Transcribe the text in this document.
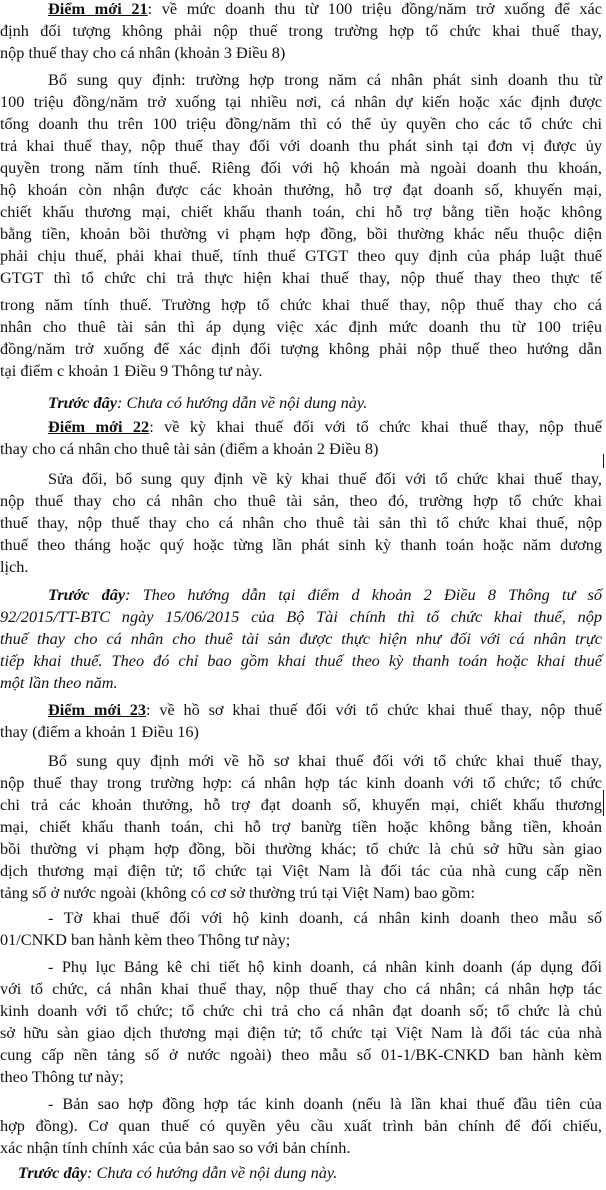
Điểm mới 21: về mức doanh thu từ 100 triệu đồng/năm trở xuống để xác
định đối tượng không phải nộp thuế trong trường hợp tổ chức khai thuế thay,
nộp thuế thay cho cá nhân (khoản 3 Điều 8)
Bổ sung quy định: trường hợp trong năm cá nhân phát sinh doanh thu từ
100 triệu đồng/năm trở xuống tại nhiều nơi, cá nhân dự kiến hoặc xác định được
tổng doanh thu trên 100 triệu đồng/năm thì có thể ủy quyền cho các tổ chức chi
trả khai thuế thay, nộp thuế thay đối với doanh thu phát sinh tại đơn vị được ủy
quyền trong năm tính thuế. Riêng đối với hộ khoán mà ngoài doanh thu khoán,
hộ khoán còn nhận được các khoản thưởng, hỗ trợ đạt doanh số, khuyến mại,
chiết khấu thương mại, chiết khấu thanh toán, chi hỗ trợ bằng tiền hoặc không
bằng tiền, khoản bồi thường vi phạm hợp đồng, bồi thường khác nếu thuộc diện
phải chịu thuế, phải khai thuế, tính thuế GTGT theo quy định của pháp luật thuế
GTGT thì tổ chức chi trả thực hiện khai thuế thay, nộp thuế thay theo thực tế
trong năm tính thuế. Trường hợp tổ chức khai thuế thay, nộp thuế thay cho cá
nhân cho thuê tài sản thì áp dụng việc xác định mức doanh thu từ 100 triệu
đồng/năm trở xuống để xác định đối tượng không phải nộp thuế theo hướng dẫn
tại điểm c khoản 1 Điều 9 Thông tư này.
Trước đây: Chưa có hướng dẫn về nội dung này.
Điểm mới 22: về kỳ khai thuế đối với tổ chức khai thuế thay, nộp thuế
thay cho cá nhân cho thuê tài sản (điểm a khoản 2 Điều 8)
Sửa đổi, bổ sung quy định về kỳ khai thuế đối với tổ chức khai thuế thay,
nộp thuế thay cho cá nhân cho thuê tài sản, theo đó, trường hợp tổ chức khai
thuế thay, nộp thuế thay cho cá nhân cho thuê tài sản thì tổ chức khai thuế, nộp
thuế theo tháng hoặc quý hoặc từng lần phát sinh kỳ thanh toán hoặc năm dương
lịch.
Trước đây: Theo hướng dẫn tại điểm d khoản 2 Điều 8 Thông tư số
92/2015/TT-BTC ngày 15/06/2015 của Bộ Tài chính thì tổ chức khai thuế, nộp
thuế thay cho cá nhân cho thuê tài sản được thực hiện như đối với cá nhân trực
tiếp khai thuế. Theo đó chỉ bao gồm khai thuế theo kỳ thanh toán hoặc khai thuế
một lần theo năm.
Điểm mới 23: về hồ sơ khai thuế đối với tổ chức khai thuế thay, nộp thuế
thay (điểm a khoản 1 Điều 16)
Bổ sung quy định mới về hồ sơ khai thuế đối với tổ chức khai thuế thay,
nộp thuế thay trong trường hợp: cá nhân hợp tác kinh doanh với tổ chức; tổ chức
chi trả các khoản thưởng, hỗ trợ đạt doanh số, khuyến mại, chiết khấu thương
mại, chiết khấu thanh toán, chi hỗ trợ banừg tiền hoặc không bằng tiền, khoản
bồi thường vi phạm hợp đồng, bồi thường khác; tổ chức là chủ sở hữu sàn giao
dịch thương mại điện tử; tổ chức tại Việt Nam là đối tác của nhà cung cấp nền
tảng số ở nước ngoài (không có cơ sở thường trú tại Việt Nam) bao gồm:
- Tờ khai thuế đối với hộ kinh doanh, cá nhân kinh doanh theo mẫu số
01/CNKD ban hành kèm theo Thông tư này;
- Phụ lục Bảng kê chi tiết hộ kinh doanh, cá nhân kinh doanh (áp dụng đối
với tổ chức, cá nhân khai thuế thay, nộp thuế thay cho cá nhân; cá nhân hợp tác
kinh doanh với tổ chức; tổ chức chi trả cho cá nhân đạt doanh số; tổ chức là chủ
sở hữu sàn giao dịch thương mại điện tử; tổ chức tại Việt Nam là đối tác của nhà
cung cấp nền tảng số ở nước ngoài) theo mẫu số 01-1/BK-CNKD ban hành kèm
theo Thông tư này;
- Bản sao hợp đồng hợp tác kinh doanh (nếu là lần khai thuế đầu tiên của
hợp đồng). Cơ quan thuế có quyền yêu cầu xuất trình bản chính để đối chiếu,
xác nhận tính chính xác của bản sao so với bản chính.
Trước đây: Chưa có hướng dẫn về nội dung này.
